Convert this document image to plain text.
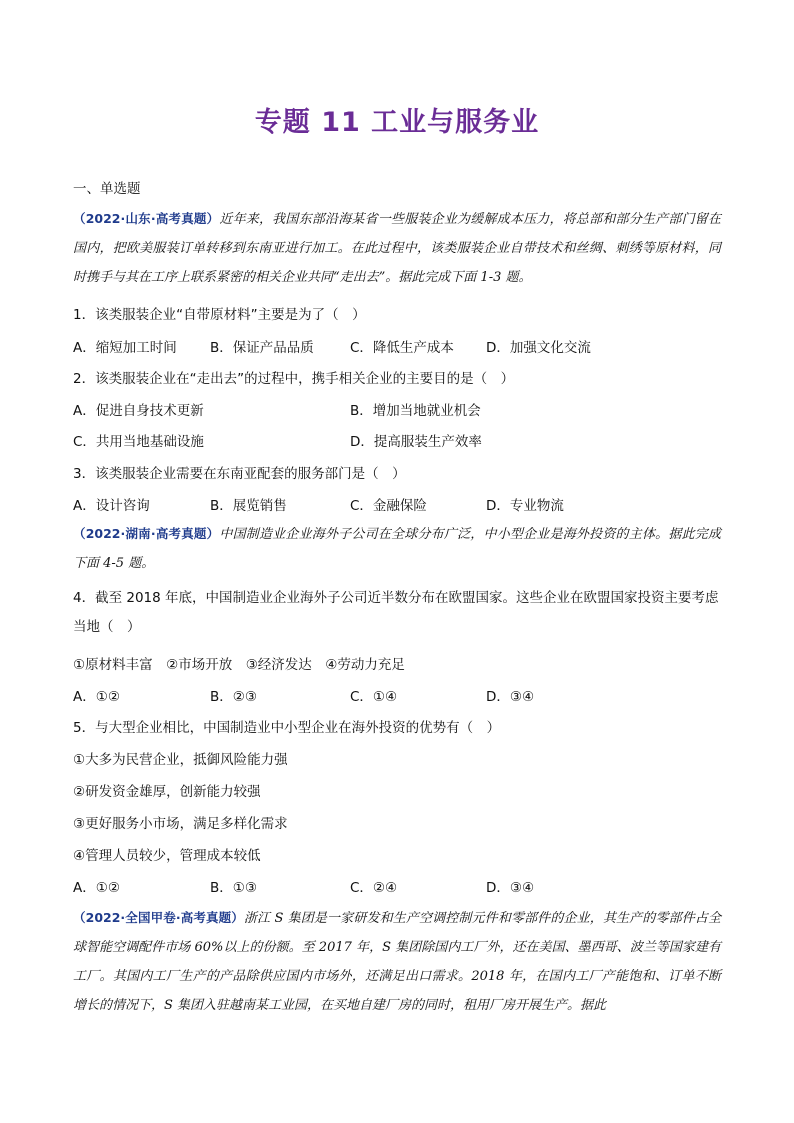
专题 11 工业与服务业
一、单选题
（2022·山东·高考真题）近年来，我国东部沿海某省一些服装企业为缓解成本压力，将总部和部分生产部门留在国内，把欧美服装订单转移到东南亚进行加工。在此过程中，该类服装企业自带技术和丝绸、刺绣等原材料，同时携手与其在工序上联系紧密的相关企业共同“走出去”。据此完成下面 1-3 题。
1．该类服装企业“自带原材料”主要是为了（　）
A．缩短加工时间 B．保证产品品质	C．降低生产成本 D．加强文化交流
2．该类服装企业在“走出去”的过程中，携手相关企业的主要目的是（　）
A．促进自身技术更新	B．增加当地就业机会
C．共用当地基础设施	D．提高服装生产效率
3．该类服装企业需要在东南亚配套的服务部门是（　）
A．设计咨询	B．展览销售	C．金融保险	D．专业物流
（2022·湖南·高考真题）中国制造业企业海外子公司在全球分布广泛，中小型企业是海外投资的主体。据此完成下面 4-5 题。
4．截至 2018 年底，中国制造业企业海外子公司近半数分布在欧盟国家。这些企业在欧盟国家投资主要考虑当地（　）
①原材料丰富　②市场开放　③经济发达　④劳动力充足
A．①②	B．②③	C．①④	D．③④
5．与大型企业相比，中国制造业中小型企业在海外投资的优势有（　）
①大多为民营企业，抵御风险能力强
②研发资金雄厚，创新能力较强
③更好服务小市场，满足多样化需求
④管理人员较少，管理成本较低
A．①②	B．①③	C．②④	D．③④
（2022·全国甲卷·高考真题）浙江 S 集团是一家研发和生产空调控制元件和零部件的企业，其生产的零部件占全球智能空调配件市场 60%以上的份额。至 2017 年，S 集团除国内工厂外，还在美国、墨西哥、波兰等国家建有工厂。其国内工厂生产的产品除供应国内市场外，还满足出口需求。2018 年，在国内工厂产能饱和、订单不断增长的情况下，S 集团入驻越南某工业园，在买地自建厂房的同时，租用厂房开展生产。据此
